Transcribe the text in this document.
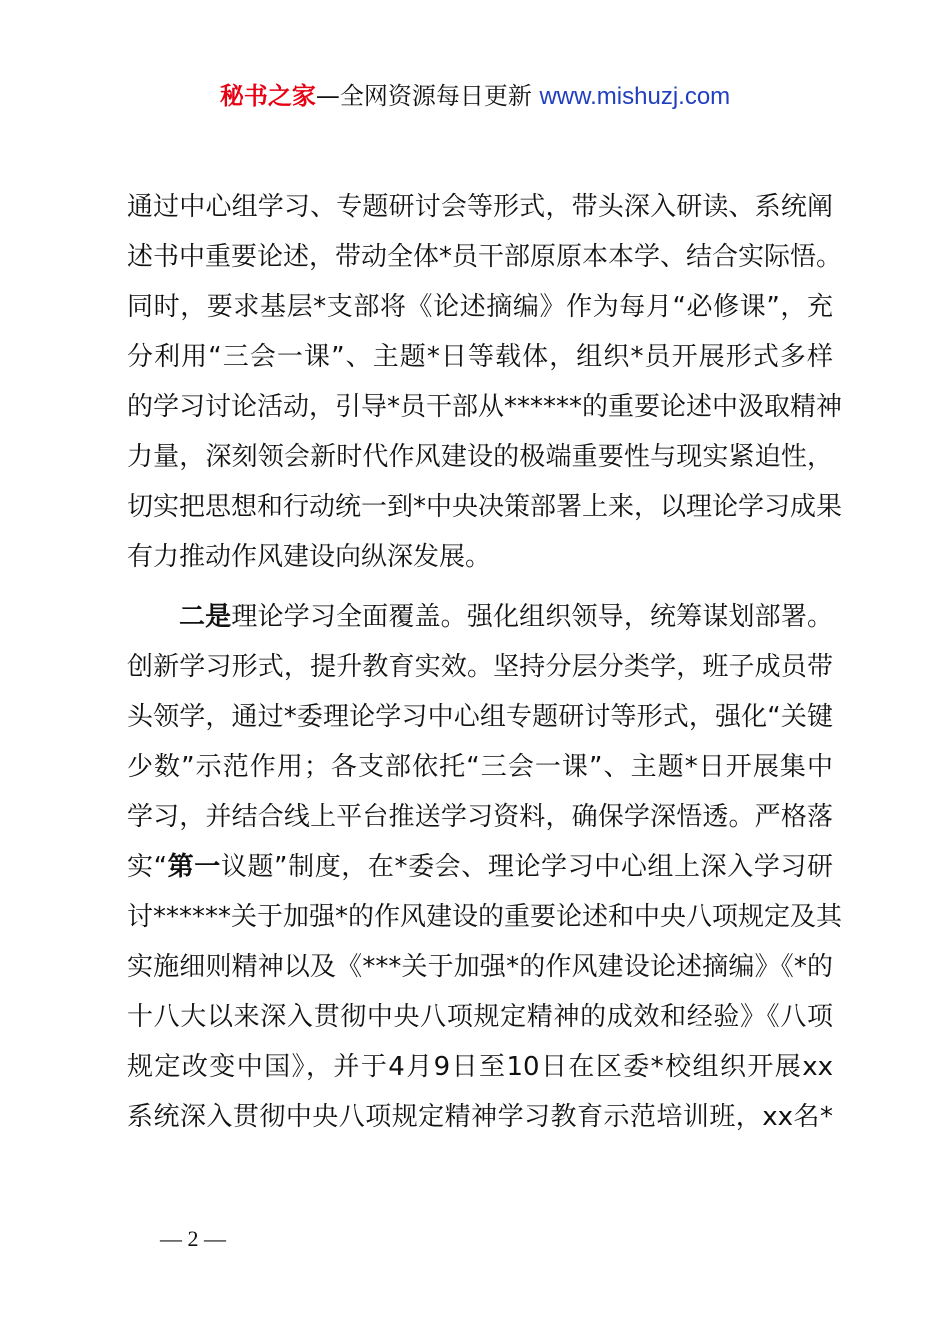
秘书之家—全网资源每日更新 www.mishuzj.com
通过中心组学习、专题研讨会等形式，带头深入研读、系统阐
述书中重要论述，带动全体*员干部原原本本学、结合实际悟。
同时，要求基层*支部将《论述摘编》作为每月“必修课”，充
分利用“三会一课”、主题*日等载体，组织*员开展形式多样
的学习讨论活动，引导*员干部从******的重要论述中汲取精神
力量，深刻领会新时代作风建设的极端重要性与现实紧迫性，
切实把思想和行动统一到*中央决策部署上来，以理论学习成果
有力推动作风建设向纵深发展。
二是理论学习全面覆盖。强化组织领导，统筹谋划部署。
创新学习形式，提升教育实效。坚持分层分类学，班子成员带
头领学，通过*委理论学习中心组专题研讨等形式，强化“关键
少数”示范作用；各支部依托“三会一课”、主题*日开展集中
学习，并结合线上平台推送学习资料，确保学深悟透。严格落
实“第一议题”制度，在*委会、理论学习中心组上深入学习研
讨******关于加强*的作风建设的重要论述和中央八项规定及其
实施细则精神以及《***关于加强*的作风建设论述摘编》《*的
十八大以来深入贯彻中央八项规定精神的成效和经验》《八项
规定改变中国》，并于4月9日至10日在区委*校组织开展xx
系统深入贯彻中央八项规定精神学习教育示范培训班，xx名*
— 2 —
